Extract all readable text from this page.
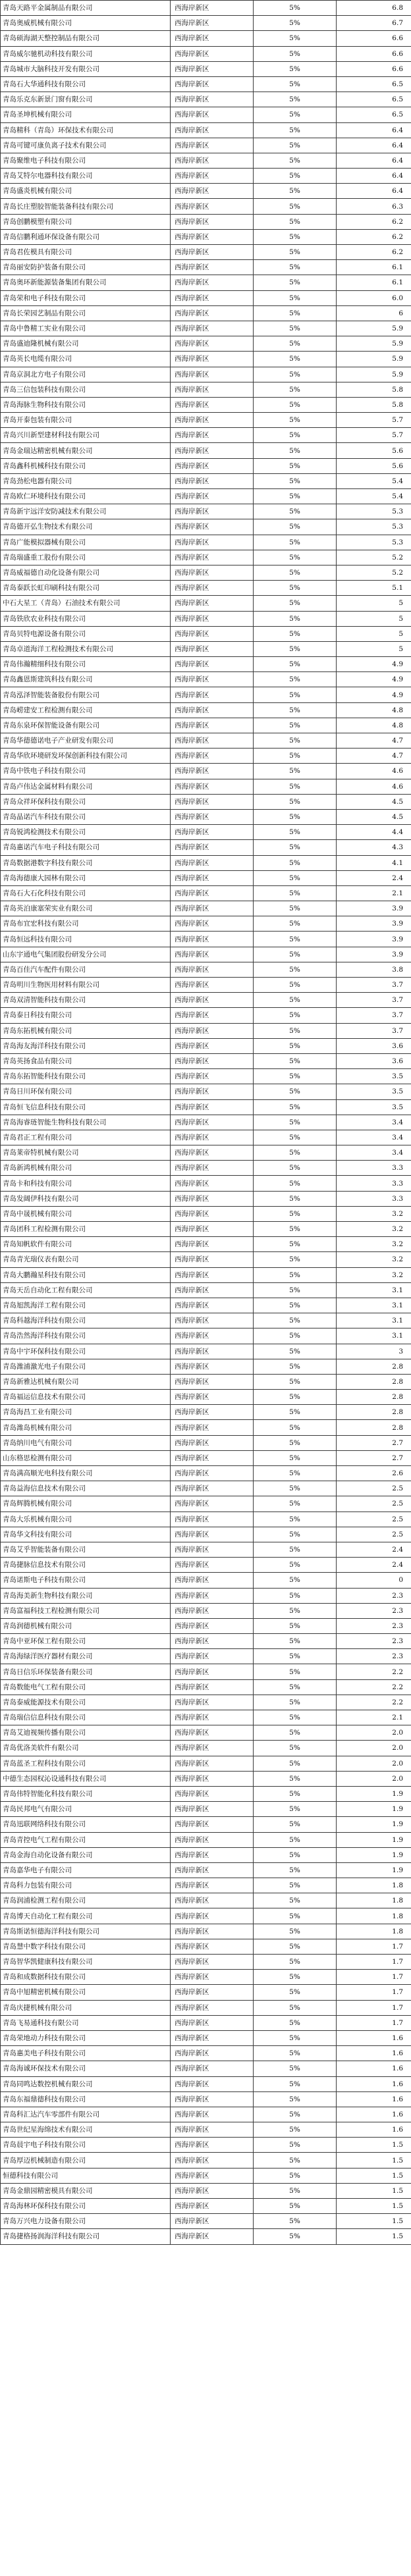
青岛天路平金属制品有限公司	西海岸新区	5%	6.8
青岛奥威机械有限公司	西海岸新区	5%	6.7
青岛硕海湖天整控制品有限公司	西海岸新区	5%	6.6
青岛威尔驰机动科技有限公司	西海岸新区	5%	6.6
青岛城市大脑科技开发有限公司	西海岸新区	5%	6.6
青岛石大华通科技有限公司	西海岸新区	5%	6.5
青岛乐克东新景门窗有限公司	西海岸新区	5%	6.5
青岛圣坤机械有限公司	西海岸新区	5%	6.5
青岛精科（青岛）环保技术有限公司	西海岸新区	5%	6.4
青岛可键可康负离子技术有限公司	西海岸新区	5%	6.4
青岛聚维电子科技有限公司	西海岸新区	5%	6.4
青岛艾特尔电器科技有限公司	西海岸新区	5%	6.4
青岛盛炎机械有限公司	西海岸新区	5%	6.4
青岛长庄塑胶智能装备科技有限公司	西海岸新区	5%	6.3
青岛创鹏模塑有限公司	西海岸新区	5%	6.2
青岛信鹏利通环保设备有限公司	西海岸新区	5%	6.2
青岛君佐模具有限公司	西海岸新区	5%	6.2
青岛丽安防护装备有限公司	西海岸新区	5%	6.1
青岛奥环新能源装备集团有限公司	西海岸新区	5%	6.1
青岛荣和电子科技有限公司	西海岸新区	5%	6.0
青岛长荣园艺制品有限公司	西海岸新区	5%	6
青岛中鲁精工实业有限公司	西海岸新区	5%	5.9
青岛盛迪隆机械有限公司	西海岸新区	5%	5.9
青岛英长电缆有限公司	西海岸新区	5%	5.9
青岛京洞北方电子有限公司	西海岸新区	5%	5.9
青岛三信包装科技有限公司	西海岸新区	5%	5.8
青岛海脉生物科技有限公司	西海岸新区	5%	5.8
青岛开泰包装有限公司	西海岸新区	5%	5.7
青岛兴川新型建材科技有限公司	西海岸新区	5%	5.7
青岛金瑞达精密机械有限公司	西海岸新区	5%	5.6
青岛鑫科机械科技有限公司	西海岸新区	5%	5.6
青岛劲松电器有限公司	西海岸新区	5%	5.4
青岛欧仁环境科技有限公司	西海岸新区	5%	5.4
青岛新宇远洋安防减技术有限公司	西海岸新区	5%	5.3
青岛德开弘生物技术有限公司	西海岸新区	5%	5.3
青岛广能模拟器械有限公司	西海岸新区	5%	5.3
青岛瑞盛重工股份有限公司	西海岸新区	5%	5.2
青岛威福德自动化设备有限公司	西海岸新区	5%	5.2
青岛泰跃长虹印刷科技有限公司	西海岸新区	5%	5.1
中石大星工（青岛）石油技术有限公司	西海岸新区	5%	5
青岛铁欣农业科技有限公司	西海岸新区	5%	5
青岛贝特电源设备有限公司	西海岸新区	5%	5
青岛卓道海洋工程检测技术有限公司	西海岸新区	5%	5
青岛伟瀚精细科技有限公司	西海岸新区	5%	4.9
青岛鑫恩斯建筑科技有限公司	西海岸新区	5%	4.9
青岛泓泽智能装备股份有限公司	西海岸新区	5%	4.9
青岛崂建安工程检测有限公司	西海岸新区	5%	4.8
青岛东泉环保智能设备有限公司	西海岸新区	5%	4.8
青岛华德德诺电子产业研发有限公司	西海岸新区	5%	4.7
青岛华欣环境研发环保创新科技有限公司	西海岸新区	5%	4.7
青岛中铁电子科技有限公司	西海岸新区	5%	4.6
青岛卢伟达金属材料有限公司	西海岸新区	5%	4.6
青岛众祥环保科技有限公司	西海岸新区	5%	4.5
青岛晶诺汽车科技有限公司	西海岸新区	5%	4.5
青岛锐鸿检测技术有限公司	西海岸新区	5%	4.4
青岛惠诺汽车电子科技有限公司	西海岸新区	5%	4.3
青岛数据港数字科技有限公司	西海岸新区	5%	4.1
青岛海德康大园林有限公司	西海岸新区	5%	2.4
青岛石大石化科技有限公司	西海岸新区	5%	2.1
青岛英泊康塞荣实业有限公司	西海岸新区	5%	3.9
青岛布宜宏科技有限公司	西海岸新区	5%	3.9
青岛恒远科技有限公司	西海岸新区	5%	3.9
山东宇通电气集团股份研发分公司	西海岸新区	5%	3.9
青岛百佳汽车配件有限公司	西海岸新区	5%	3.8
青岛明川生物医用材料有限公司	西海岸新区	5%	3.7
青岛双清智能科技有限公司	西海岸新区	5%	3.7
青岛泰日科技有限公司	西海岸新区	5%	3.7
青岛东拓机械有限公司	西海岸新区	5%	3.7
青岛海友海洋科技有限公司	西海岸新区	5%	3.6
青岛英扬食品有限公司	西海岸新区	5%	3.6
青岛东拓智能科技有限公司	西海岸新区	5%	3.5
青岛日川环保有限公司	西海岸新区	5%	3.5
青岛恒飞信息科技有限公司	西海岸新区	5%	3.5
青岛海睿琏智能生物科技有限公司	西海岸新区	5%	3.4
青岛君正工程有限公司	西海岸新区	5%	3.4
青岛莱帝特机械有限公司	西海岸新区	5%	3.4
青岛新鸿机械有限公司	西海岸新区	5%	3.3
青岛卡和科技有限公司	西海岸新区	5%	3.3
青岛发阔伊科技有限公司	西海岸新区	5%	3.3
青岛中晟机械有限公司	西海岸新区	5%	3.2
青岛团科工程检测有限公司	西海岸新区	5%	3.2
青岛知帆软件有限公司	西海岸新区	5%	3.2
青岛青光瑞仪表有限公司	西海岸新区	5%	3.2
青岛大鹏瀚星科技有限公司	西海岸新区	5%	3.2
青岛天岳自动化工程有限公司	西海岸新区	5%	3.1
青岛旭凯海洋工程有限公司	西海岸新区	5%	3.1
青岛科越海洋科技有限公司	西海岸新区	5%	3.1
青岛浩然海洋科技有限公司	西海岸新区	5%	3.1
青岛中宇环保科技有限公司	西海岸新区	5%	3
青岛潍浦激光电子有限公司	西海岸新区	5%	2.8
青岛新雅达机械有限公司	西海岸新区	5%	2.8
青岛福运信息技术有限公司	西海岸新区	5%	2.8
青岛海昌工业有限公司	西海岸新区	5%	2.8
青岛潍岛机械有限公司	西海岸新区	5%	2.8
青岛纳川电气有限公司	西海岸新区	5%	2.7
山东格思检测有限公司	西海岸新区	5%	2.7
青岛满高顺光电科技有限公司	西海岸新区	5%	2.6
青岛益海信息技术有限公司	西海岸新区	5%	2.5
青岛辉腾机械有限公司	西海岸新区	5%	2.5
青岛大乐机械有限公司	西海岸新区	5%	2.5
青岛华文科技有限公司	西海岸新区	5%	2.5
青岛艾乎智能装备有限公司	西海岸新区	5%	2.4
青岛捷脉信息技术有限公司	西海岸新区	5%	2.4
青岛诺斯电子科技有限公司	西海岸新区	5%	0
青岛海美新生物科技有限公司	西海岸新区	5%	2.3
青岛富福科技工程检测有限公司	西海岸新区	5%	2.3
青岛润德机械有限公司	西海岸新区	5%	2.3
青岛中亚环保工程有限公司	西海岸新区	5%	2.3
青岛海绿洋医疗器材有限公司	西海岸新区	5%	2.3
青岛日信乐环保装备有限公司	西海岸新区	5%	2.2
青岛数能电气工程有限公司	西海岸新区	5%	2.2
青岛泰威能源技术有限公司	西海岸新区	5%	2.2
青岛瑞信信息科技有限公司	西海岸新区	5%	2.1
青岛艾迪视频传播有限公司	西海岸新区	5%	2.0
青岛优洛美软件有限公司	西海岸新区	5%	2.0
青岛蓝圣工程科技有限公司	西海岸新区	5%	2.0
中德生态园权沁设通科技有限公司	西海岸新区	5%	2.0
青岛伟特智能化科技有限公司	西海岸新区	5%	1.9
青岛民邦电气有限公司	西海岸新区	5%	1.9
青岛迅联网络科技有限公司	西海岸新区	5%	1.9
青岛青控电气工程有限公司	西海岸新区	5%	1.9
青岛金海自动化设备有限公司	西海岸新区	5%	1.9
青岛嘉华电子有限公司	西海岸新区	5%	1.9
青岛科力包装有限公司	西海岸新区	5%	1.8
青岛润浦检测工程有限公司	西海岸新区	5%	1.8
青岛博天自动化工程有限公司	西海岸新区	5%	1.8
青岛斯诺恒德海洋科技有限公司	西海岸新区	5%	1.8
青岛慧中数字科技有限公司	西海岸新区	5%	1.7
青岛智华凯健康科技有限公司	西海岸新区	5%	1.7
青岛和成数据科技有限公司	西海岸新区	5%	1.7
青岛中旭精密机械有限公司	西海岸新区	5%	1.7
青岛庆捷机械有限公司	西海岸新区	5%	1.7
青岛飞易通科技有限公司	西海岸新区	5%	1.7
青岛荣地动力科技有限公司	西海岸新区	5%	1.6
青岛惠美电子科技有限公司	西海岸新区	5%	1.6
青岛海诚环保技术有限公司	西海岸新区	5%	1.6
青岛同鸣达数控机械有限公司	西海岸新区	5%	1.6
青岛东福鼎德科技有限公司	西海岸新区	5%	1.6
青岛科汇达汽车零部件有限公司	西海岸新区	5%	1.6
青岛世纪星海绵技术有限公司	西海岸新区	5%	1.6
青岛晨宇电子科技有限公司	西海岸新区	5%	1.5
青岛厚迈机械制造有限公司	西海岸新区	5%	1.5
恒德科技有限公司	西海岸新区	5%	1.5
青岛金鼎园精密模具有限公司	西海岸新区	5%	1.5
青岛海林环保科技有限公司	西海岸新区	5%	1.5
青岛万兴电力设备有限公司	西海岸新区	5%	1.5
青岛捷格扬润海洋科技有限公司	西海岸新区	5%	1.5
